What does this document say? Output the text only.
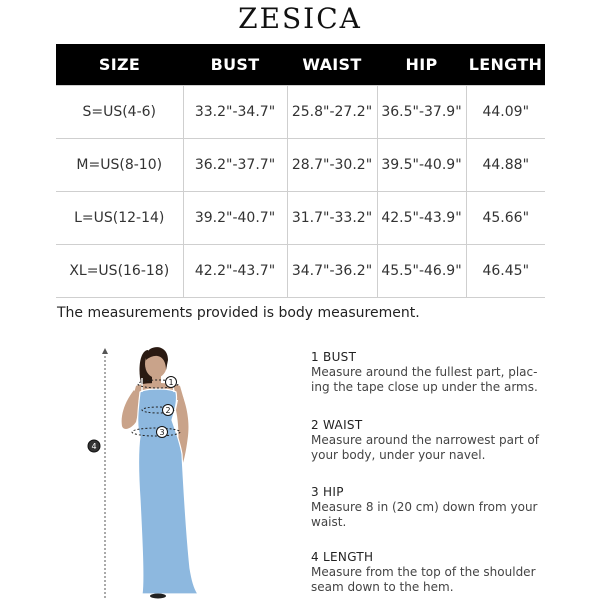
ZESICA
SIZE	BUST	WAIST	HIP	LENGTH
S=US(4-6)	33.2"-34.7"	25.8"-27.2"	36.5"-37.9"	44.09"
M=US(8-10)	36.2"-37.7"	28.7"-30.2"	39.5"-40.9"	44.88"
L=US(12-14)	39.2"-40.7"	31.7"-33.2"	42.5"-43.9"	45.66"
XL=US(16-18)	42.2"-43.7"	34.7"-36.2"	45.5"-46.9"	46.45"
The measurements provided is body measurement.
1
2
3
4
1 BUST
Measure around the fullest part, plac-
ing the tape close up under the arms.
2 WAIST
Measure around the narrowest part of
your body, under your navel.
3 HIP
Measure 8 in (20 cm) down from your
waist.
4 LENGTH
Measure from the top of the shoulder
seam down to the hem.
